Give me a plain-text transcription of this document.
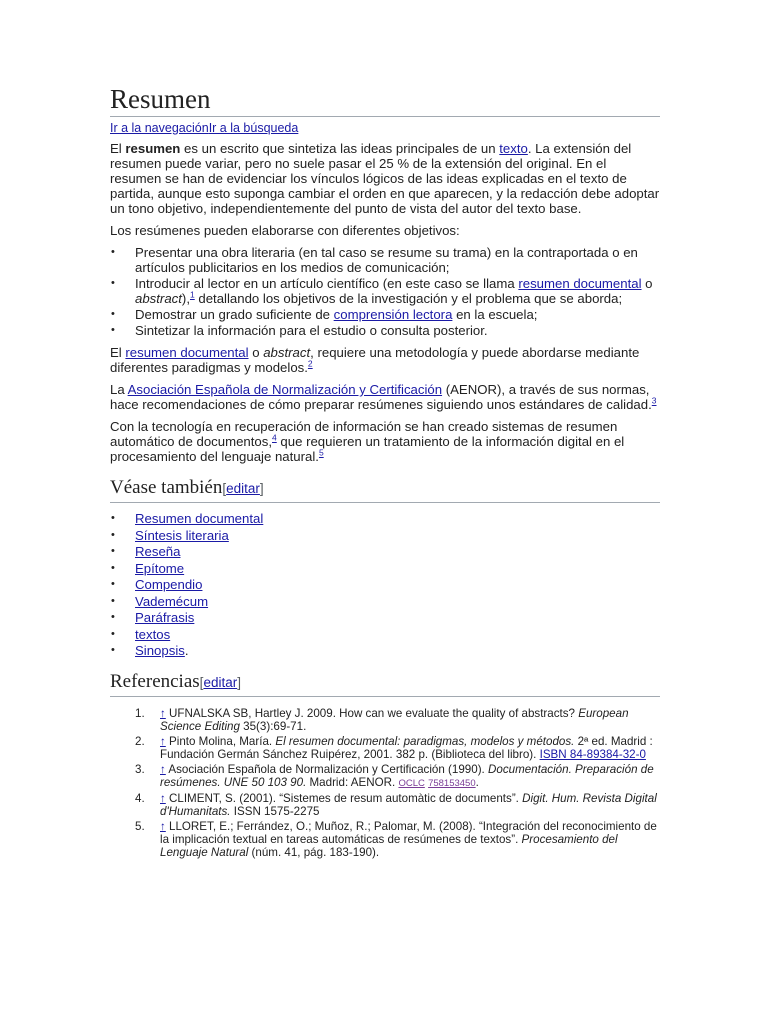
Resumen
Ir a la navegaciónIr a la búsqueda

El resumen es un escrito que sintetiza las ideas principales de un texto. La extensión del resumen puede variar, pero no suele pasar el 25 % de la extensión del original. En el resumen se han de evidenciar los vínculos lógicos de las ideas explicadas en el texto de partida, aunque esto suponga cambiar el orden en que aparecen, y la redacción debe adoptar un tono objetivo, independientemente del punto de vista del autor del texto base.

Los resúmenes pueden elaborarse con diferentes objetivos:

• Presentar una obra literaria (en tal caso se resume su trama) en la contraportada o en artículos publicitarios en los medios de comunicación;
• Introducir al lector en un artículo científico (en este caso se llama resumen documental o abstract),$^1$ detallando los objetivos de la investigación y el problema que se aborda;
• Demostrar un grado suficiente de comprensión lectora en la escuela;
• Sintetizar la información para el estudio o consulta posterior.

El resumen documental o abstract, requiere una metodología y puede abordarse mediante diferentes paradigmas y modelos.$^2$

La Asociación Española de Normalización y Certificación (AENOR), a través de sus normas, hace recomendaciones de cómo preparar resúmenes siguiendo unos estándares de calidad.$^3$

Con la tecnología en recuperación de información se han creado sistemas de resumen automático de documentos,$^4$ que requieren un tratamiento de la información digital en el procesamiento del lenguaje natural.$^5$

Véase también[editar]
• Resumen documental
• Síntesis literaria
• Reseña
• Epítome
• Compendio
• Vademécum
• Paráfrasis
• textos
• Sinopsis.
Referencias[editar]
1. ↑ UFNALSKA SB, Hartley J. 2009. How can we evaluate the quality of abstracts? European Science Editing 35(3):69-71.
2. ↑ Pinto Molina, María. El resumen documental: paradigmas, modelos y métodos. 2ª ed. Madrid : Fundación Germán Sánchez Ruipérez, 2001. 382 p. (Biblioteca del libro). ISBN 84-89384-32-0
3. ↑ Asociación Española de Normalización y Certificación (1990). Documentación. Preparación de resúmenes. UNE 50 103 90. Madrid: AENOR. OCLC 758153450.
4. ↑ CLIMENT, S. (2001). “Sistemes de resum automàtic de documents”. Digit. Hum. Revista Digital d'Humanitats. ISSN 1575-2275
5. ↑ LLORET, E.; Ferrández, O.; Muñoz, R.; Palomar, M. (2008). “Integración del reconocimiento de la implicación textual en tareas automáticas de resúmenes de textos”. Procesamiento del Lenguaje Natural (núm. 41, pág. 183-190).
